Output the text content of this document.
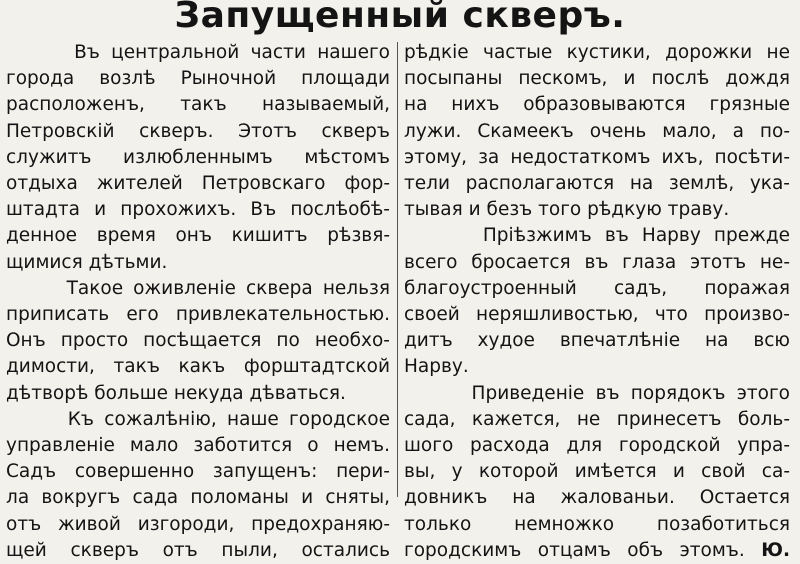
Запущенный скверъ.
Въ центральной части нашего
города возлѣ Рыночной площади
расположенъ, такъ называемый,
Петровскій скверъ. Этотъ скверъ
служитъ излюбленнымъ мѣстомъ
отдыха жителей Петровскаго фор-
штадта и прохожихъ. Въ послѣобѣ-
денное время онъ кишитъ рѣзвя-
щимися дѣтьми.
Такое оживленіе сквера нельзя
приписать его привлекательностью.
Онъ просто посѣщается по необхо-
димости, такъ какъ форштадтской
дѣтворѣ больше некуда дѣваться.
Къ сожалѣнію, наше городское
управленіе мало заботится о немъ.
Садъ совершенно запущенъ: пери-
ла вокругъ сада поломаны и сняты,
отъ живой изгороди, предохраняю-
щей скверъ отъ пыли, остались
рѣдкіе частые кустики, дорожки не
посыпаны пескомъ, и послѣ дождя
на нихъ образовываются грязные
лужи. Скамеекъ очень мало, а по-
этому, за недостаткомъ ихъ, посѣти-
тели располагаются на землѣ, ука-
тывая и безъ того рѣдкую траву.
Пріѣзжимъ въ Нарву прежде
всего бросается въ глаза этотъ не-
благоустроенный садъ, поражая
своей неряшливостью, что произво-
дитъ худое впечатлѣніе на всю
Нарву.
Приведеніе въ порядокъ этого
сада, кажется, не принесетъ боль-
шого расхода для городской упра-
вы, у которой имѣется и свой са-
довникъ на жалованьи. Остается
только немножко позаботиться
городскимъ отцамъ объ этомъ. Ю.
